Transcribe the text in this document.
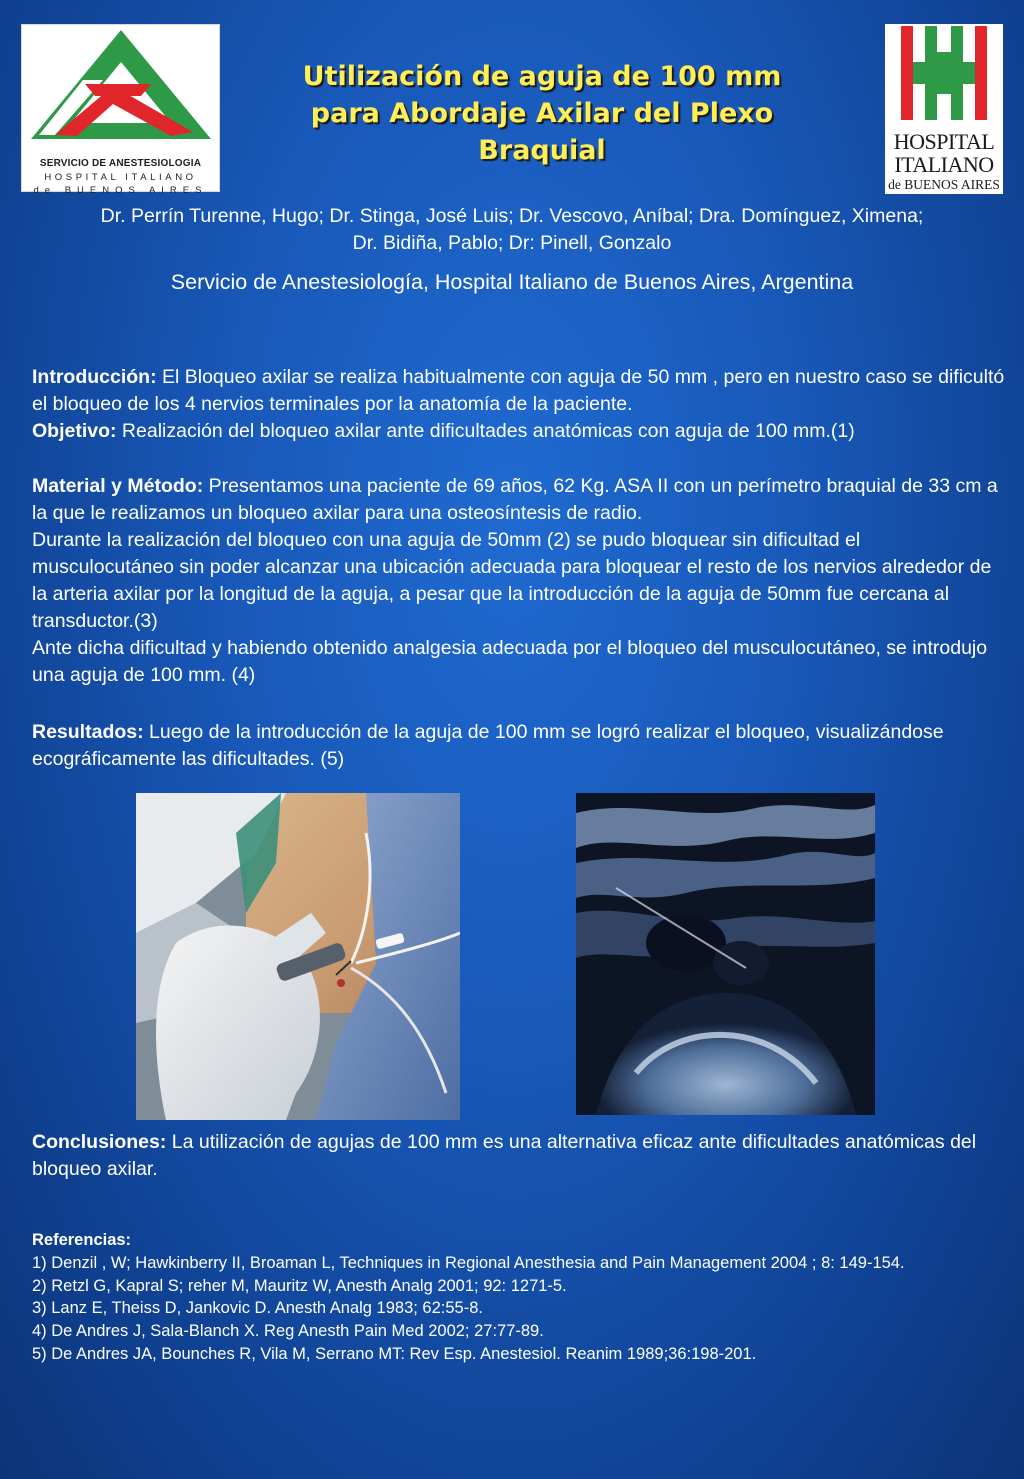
SERVICIO DE ANESTESIOLOGIA
HOSPITAL ITALIANO
de BUENOS AIRES
HOSPITAL
ITALIANO
de BUENOS AIRES
Utilización de aguja de 100 mm
para Abordaje Axilar del Plexo
Braquial
Dr. Perrín Turenne, Hugo; Dr. Stinga, José Luis; Dr. Vescovo, Aníbal; Dra. Domínguez, Ximena;
Dr. Bidiña, Pablo; Dr: Pinell, Gonzalo
Servicio de Anestesiología, Hospital Italiano de Buenos Aires, Argentina
Introducción: El Bloqueo axilar se realiza habitualmente con aguja de 50 mm , pero en nuestro caso se dificultó el bloqueo de los 4 nervios terminales por la anatomía de la paciente.
Objetivo: Realización del bloqueo axilar ante dificultades anatómicas con aguja de 100 mm.(1)
Material y Método: Presentamos una paciente de 69 años, 62 Kg. ASA II con un perímetro braquial de 33 cm a la que le realizamos un bloqueo axilar para una osteosíntesis de radio.
Durante la realización del bloqueo con una aguja de 50mm (2) se pudo bloquear sin dificultad el musculocutáneo sin poder alcanzar una ubicación adecuada para bloquear el resto de los nervios alrededor de la arteria axilar por la longitud de la aguja, a pesar que la introducción de la aguja de 50mm fue cercana al transductor.(3)
Ante dicha dificultad y habiendo obtenido analgesia adecuada por el bloqueo del musculocutáneo, se introdujo una aguja de 100 mm. (4)
Resultados: Luego de la introducción de la aguja de 100 mm se logró realizar el bloqueo, visualizándose ecográficamente las dificultades. (5)
Conclusiones: La utilización de agujas de 100 mm es una alternativa eficaz ante dificultades anatómicas del bloqueo axilar.
Referencias:
1) Denzil , W; Hawkinberry II, Broaman L, Techniques in Regional Anesthesia and Pain Management 2004 ; 8: 149-154.
2) Retzl G, Kapral S; reher M, Mauritz W, Anesth Analg 2001; 92: 1271-5.
3) Lanz E, Theiss D, Jankovic D. Anesth Analg 1983; 62:55-8.
4) De Andres J, Sala-Blanch X. Reg Anesth Pain Med 2002; 27:77-89.
5) De Andres JA, Bounches R, Vila M, Serrano MT: Rev Esp. Anestesiol. Reanim 1989;36:198-201.
